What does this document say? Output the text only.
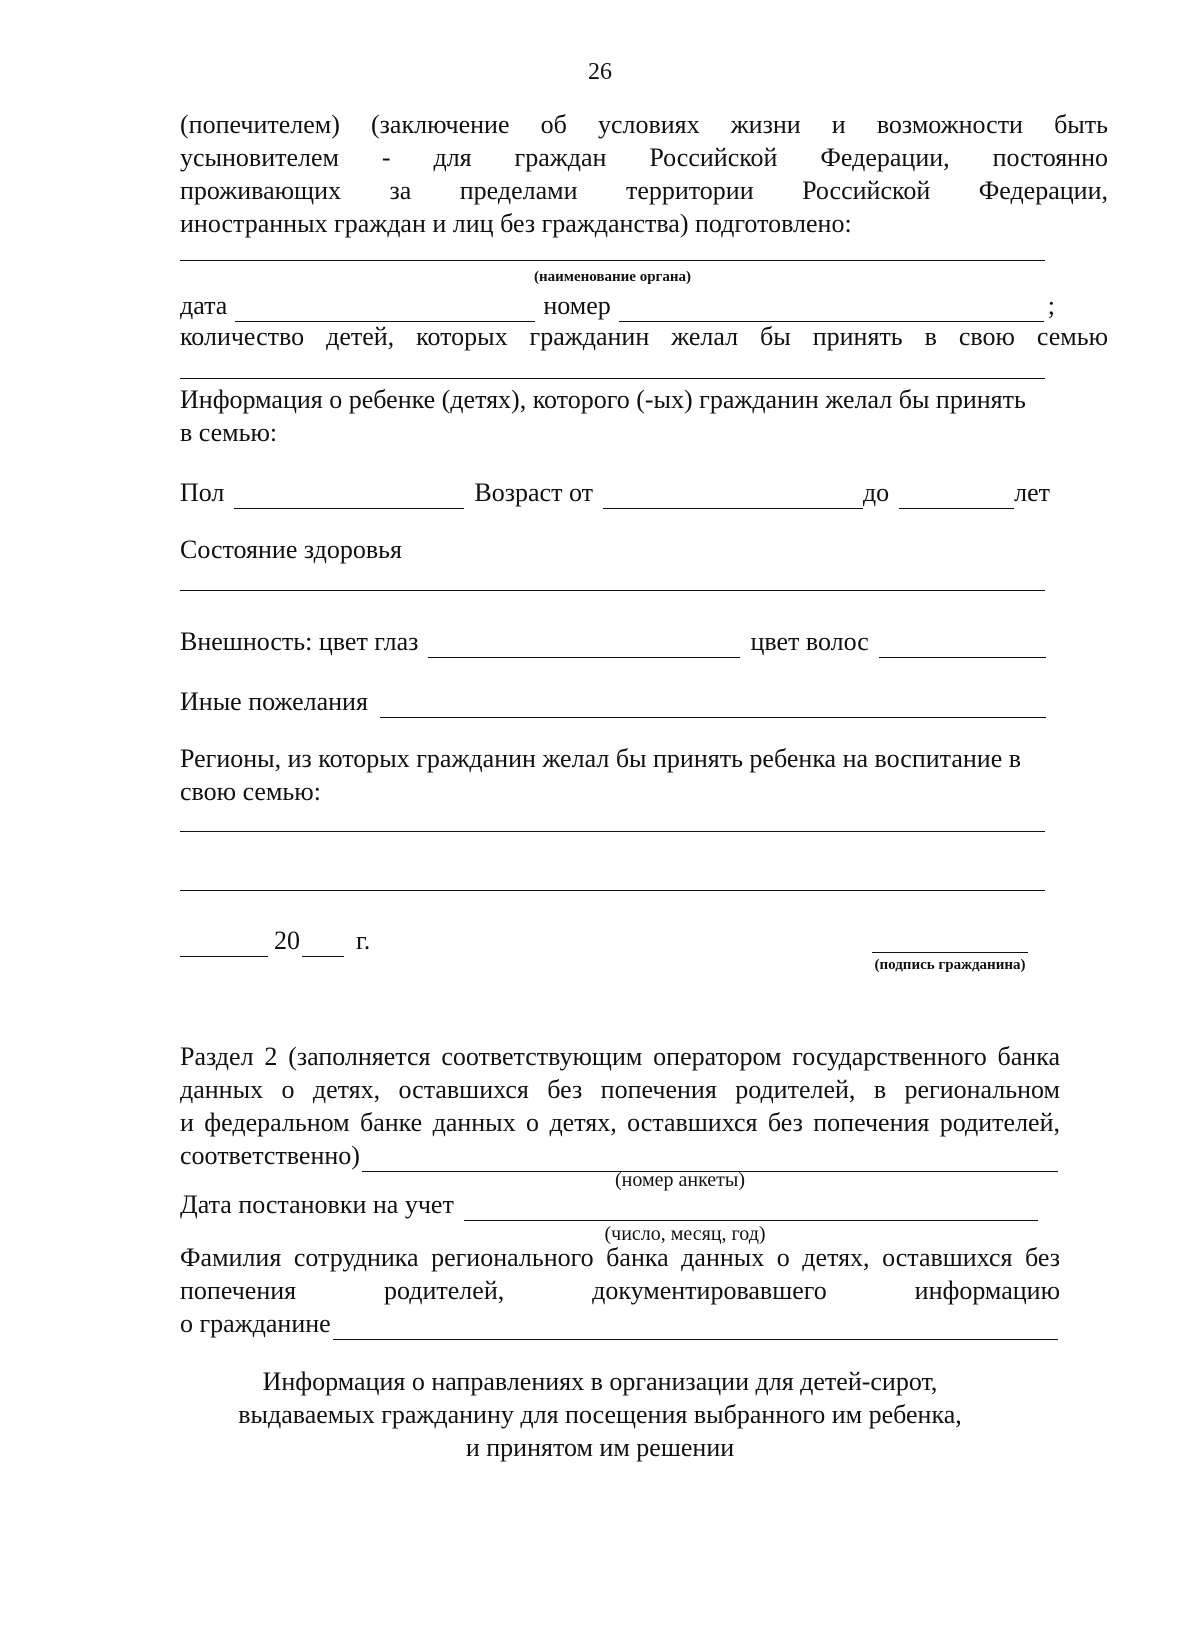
26
(попечителем) (заключение об условиях жизни и возможности быть
усыновителем - для граждан Российской Федерации, постоянно
проживающих за пределами территории Российской Федерации,
иностранных граждан и лиц без гражданства) подготовлено:
(наименование органа)
дата	номер	;
количество детей, которых гражданин желал бы принять в свою семью
Информация о ребенке (детях), которого (-ых) гражданин желал бы принять
в семью:
Пол	Возраст от	до	лет
Состояние здоровья
Внешность: цвет глаз	цвет волос
Иные пожелания
Регионы, из которых гражданин желал бы принять ребенка на воспитание в
свою семью:
20 г.
(подпись гражданина)
Раздел 2 (заполняется соответствующим оператором государственного банка
данных о детях, оставшихся без попечения родителей, в региональном
и федеральном банке данных о детях, оставшихся без попечения родителей,
соответственно)
(номер анкеты)
Дата постановки на учет
(число, месяц, год)
Фамилия сотрудника регионального банка данных о детях, оставшихся без
попечения родителей, документировавшего информацию
о гражданине
Информация о направлениях в организации для детей-сирот,
выдаваемых гражданину для посещения выбранного им ребенка,
и принятом им решении
